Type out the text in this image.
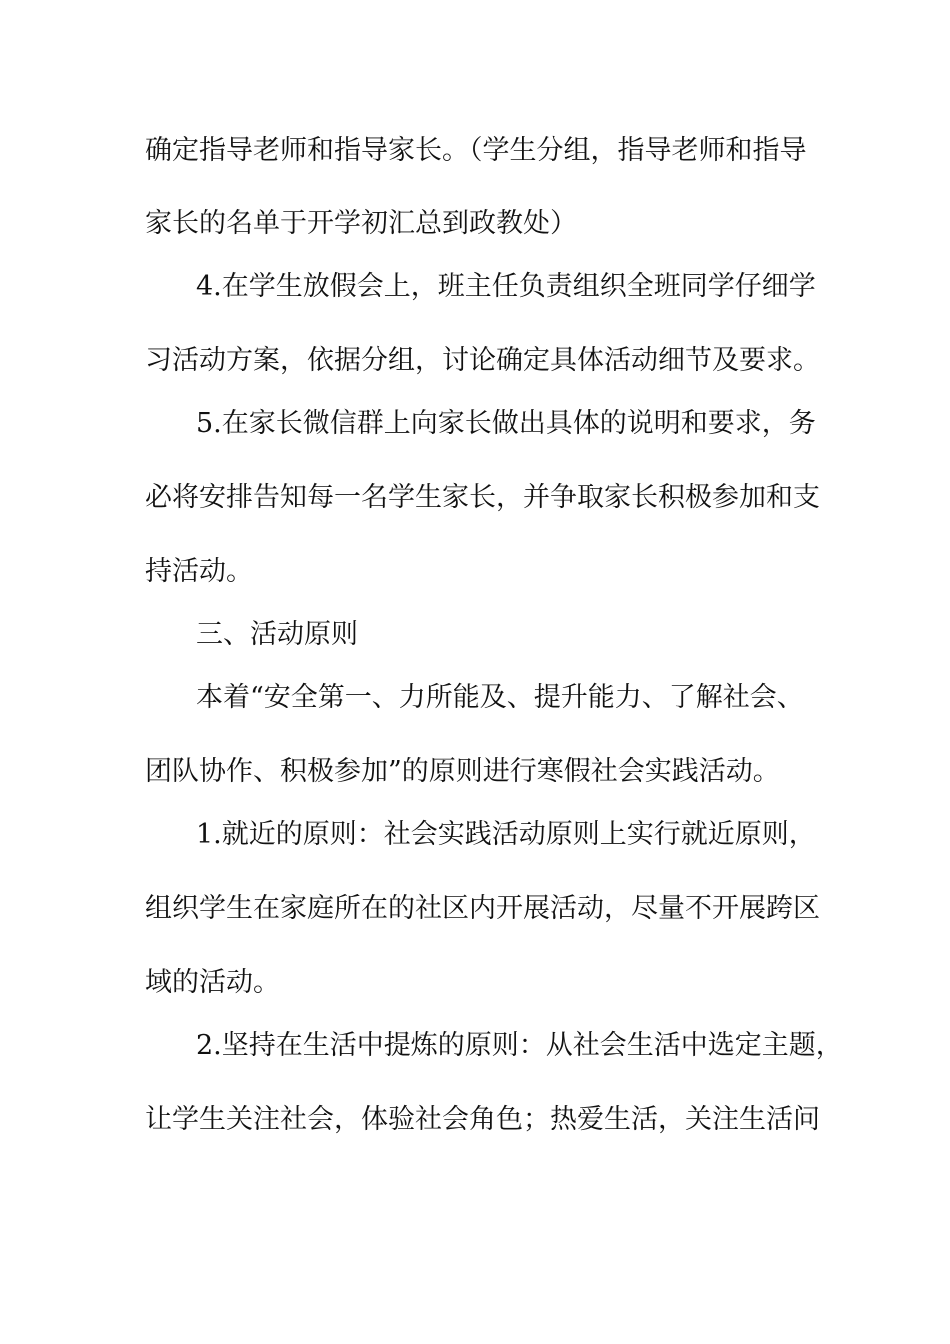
确定指导老师和指导家长。（学生分组，指导老师和指导
家长的名单于开学初汇总到政教处）
4.在学生放假会上，班主任负责组织全班同学仔细学
习活动方案，依据分组，讨论确定具体活动细节及要求。
5.在家长微信群上向家长做出具体的说明和要求，务
必将安排告知每一名学生家长，并争取家长积极参加和支
持活动。
三、活动原则
本着“安全第一、力所能及、提升能力、了解社会、
团队协作、积极参加”的原则进行寒假社会实践活动。
1.就近的原则：社会实践活动原则上实行就近原则，
组织学生在家庭所在的社区内开展活动，尽量不开展跨区
域的活动。
2.坚持在生活中提炼的原则：从社会生活中选定主题，
让学生关注社会，体验社会角色；热爱生活，关注生活问
